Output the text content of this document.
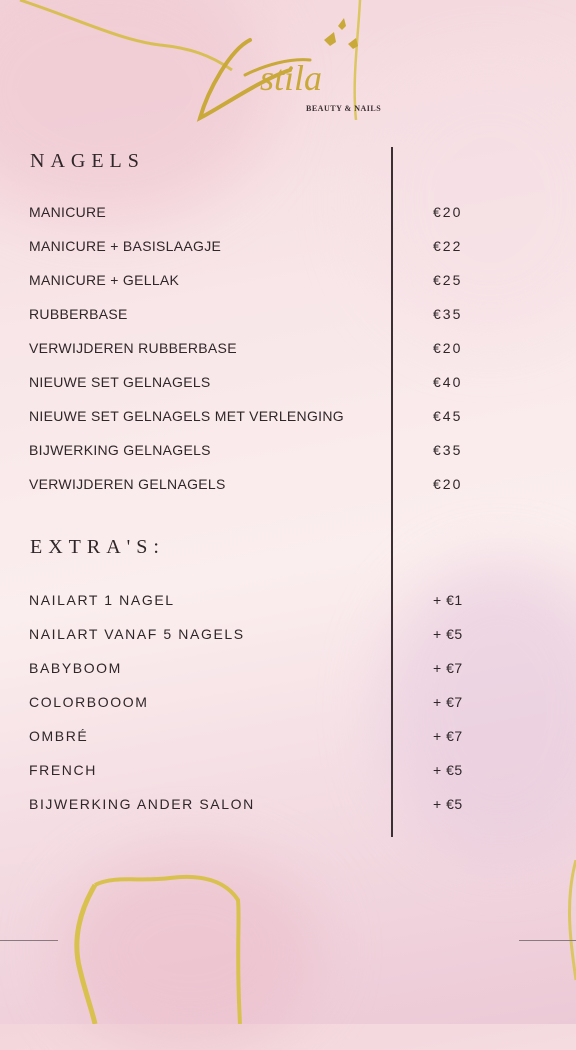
stila
BEAUTY & NAILS
NAGELS
MANICURE	€20
MANICURE + BASISLAAGJE	€22
MANICURE + GELLAK	€25
RUBBERBASE	€35
VERWIJDEREN RUBBERBASE	€20
NIEUWE SET GELNAGELS	€40
NIEUWE SET GELNAGELS MET VERLENGING	€45
BIJWERKING GELNAGELS	€35
VERWIJDEREN GELNAGELS	€20
EXTRA'S:
NAILART 1 NAGEL	+ €1
NAILART VANAF 5 NAGELS	+ €5
BABYBOOM	+ €7
COLORBOOOM	+ €7
OMBRÉ	+ €7
FRENCH	+ €5
BIJWERKING ANDER SALON	+ €5
